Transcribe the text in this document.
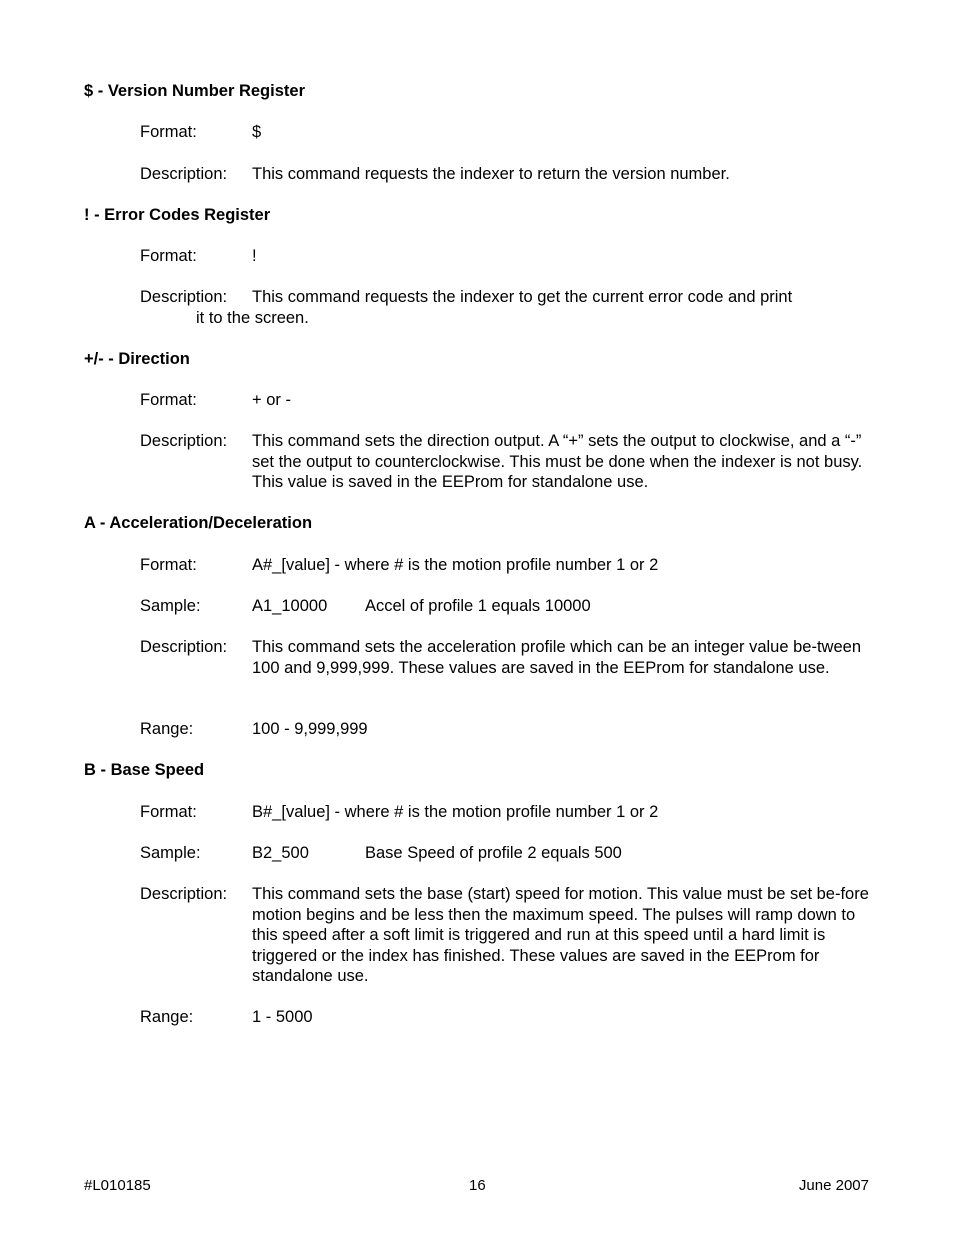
$ - Version Number Register
Format:	$
Description: This command requests the indexer to return the version number.
! - Error Codes Register
Format:	!
Description: This command requests the indexer to get the current error code and print
it to the screen.
+/- - Direction
Format:	+ or -
Description: This command sets the direction output. A “+” sets the output to clockwise, and a “-” set the output to counterclockwise. This must be done when the indexer is not busy. This value is saved in the EEProm for standalone use.
A - Acceleration/Deceleration
Format:	A#_[value] - where # is the motion profile number 1 or 2
Sample:	A1_10000 Accel of profile 1 equals 10000
Description: This command sets the acceleration profile which can be an integer value be-tween 100 and 9,999,999. These values are saved in the EEProm for standalone use.
Range:	100 - 9,999,999
B - Base Speed
Format:	B#_[value] - where # is the motion profile number 1 or 2
Sample:	B2_500	Base Speed of profile 2 equals 500
Description: This command sets the base (start) speed for motion. This value must be set be-fore motion begins and be less then the maximum speed. The pulses will ramp down to this speed after a soft limit is triggered and run at this speed until a hard limit is triggered or the index has finished. These values are saved in the EEProm for standalone use.
Range:	1 - 5000
#L010185	16	June 2007
